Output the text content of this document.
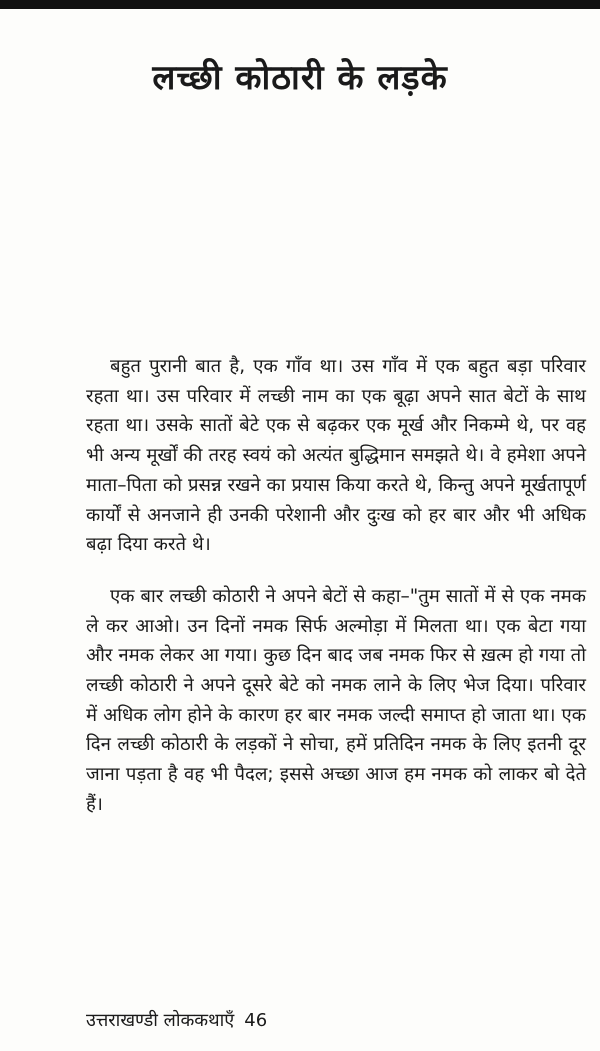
लच्छी कोठारी के लड़के

बहुत पुरानी बात है, एक गाँव था। उस गाँव में एक बहुत बड़ा परिवार रहता था। उस परिवार में लच्छी नाम का एक बूढ़ा अपने सात बेटों के साथ रहता था। उसके सातों बेटे एक से बढ़कर एक मूर्ख और निकम्मे थे, पर वह भी अन्य मूर्खों की तरह स्वयं को अत्यंत बुद्धिमान समझते थे। वे हमेशा अपने माता–पिता को प्रसन्न रखने का प्रयास किया करते थे, किन्तु अपने मूर्खतापूर्ण कार्यों से अनजाने ही उनकी परेशानी और दुःख को हर बार और भी अधिक बढ़ा दिया करते थे।

एक बार लच्छी कोठारी ने अपने बेटों से कहा–"तुम सातों में से एक नमक ले कर आओ। उन दिनों नमक सिर्फ अल्मोड़ा में मिलता था। एक बेटा गया और नमक लेकर आ गया। कुछ दिन बाद जब नमक फिर से ख़त्म हो गया तो लच्छी कोठारी ने अपने दूसरे बेटे को नमक लाने के लिए भेज दिया। परिवार में अधिक लोग होने के कारण हर बार नमक जल्दी समाप्त हो जाता था। एक दिन लच्छी कोठारी के लड़कों ने सोचा, हमें प्रतिदिन नमक के लिए इतनी दूर जाना पड़ता है वह भी पैदल; इससे अच्छा आज हम नमक को लाकर बो देते हैं।

उत्तराखण्डी लोककथाएँ 46
